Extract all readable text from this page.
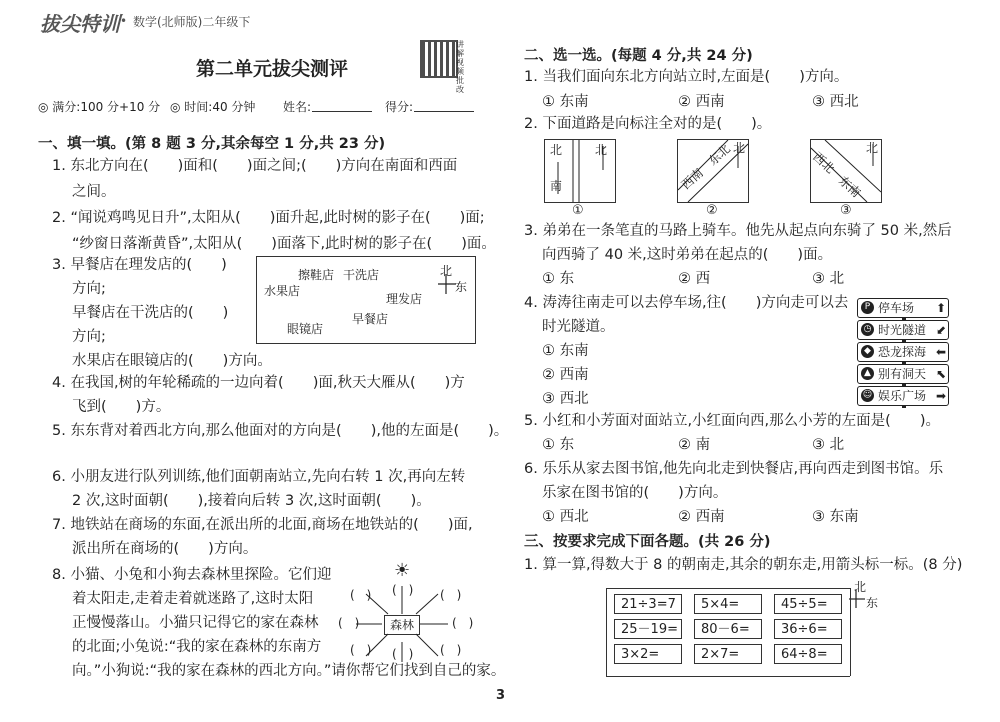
拔尖特训 • 数学(北师版)二年级下
第二单元拔尖测评
讲
解
视
频
批
改
◎ 满分:100 分+10 分 ◎ 时间:40 分钟 姓名:	得分:
一、填一填。(第 8 题 3 分,其余每空 1 分,共 23 分)
1. 东北方向在(　　)面和(　　)面之间;(　　)方向在南面和西面
之间。
2. “闻说鸡鸣见日升”,太阳从(　　)面升起,此时树的影子在(　　)面;
“纱窗日落渐黄昏”,太阳从(　　)面落下,此时树的影子在(　　)面。
3. 早餐店在理发店的(　　)
方向;
早餐店在干洗店的(　　)
方向;
水果店在眼镜店的(　　)方向。
擦鞋店 干洗店
水果店
理发店
早餐店
眼镜店
北
东
4. 在我国,树的年轮稀疏的一边向着(　　)面,秋天大雁从(　　)方
飞到(　　)方。
5. 东东背对着西北方向,那么他面对的方向是(　　),他的左面是(　　)。
6. 小朋友进行队列训练,他们面朝南站立,先向右转 1 次,再向左转
2 次,这时面朝(　　),接着向后转 3 次,这时面朝(　　)。
7. 地铁站在商场的东面,在派出所的北面,商场在地铁站的(　　)面,
派出所在商场的(　　)方向。
8. 小猫、小兔和小狗去森林里探险。它们迎
着太阳走,走着走着就迷路了,这时太阳
正慢慢落山。小猫只记得它的家在森林
的北面;小兔说:“我的家在森林的东南方
向。”小狗说:“我的家在森林的西北方向。”请你帮它们找到自己的家。
☀
森林
(　)
(　)	(　)
(　)	(　)
(　)	(　)
(　)
3
二、选一选。(每题 4 分,共 24 分)
1. 当我们面向东北方向站立时,左面是(　　)方向。
① 东南	② 西南	③ 西北
2. 下面道路是向标注全对的是(　　)。
北
南
北
①
西南
东北 北
②
西北
东南
北
③
3. 弟弟在一条笔直的马路上骑车。他先从起点向东骑了 50 米,然后
向西骑了 40 米,这时弟弟在起点的(　　)面。
① 东	② 西	③ 北
4. 涛涛往南走可以去停车场,往(　　)方向走可以去
时光隧道。
① 东南
② 西南
③ 西北
P 停车场 ⬆
◷ 时光隧道 ⬋
◆ 恐龙探海 ⬅
▲ 别有洞天 ⬉
☺ 娱乐广场 ➡
5. 小红和小芳面对面站立,小红面向西,那么小芳的左面是(　　)。
① 东	② 南	③ 北
6. 乐乐从家去图书馆,他先向北走到快餐店,再向西走到图书馆。乐
乐家在图书馆的(　　)方向。
① 西北	② 西南	③ 东南
三、按要求完成下面各题。(共 26 分)
1. 算一算,得数大于 8 的朝南走,其余的朝东走,用箭头标一标。(8 分)
北
东
21÷3=7	5×4=	45÷5=
25－19=	80－6=	36÷6=
3×2=	2×7=	64÷8=
